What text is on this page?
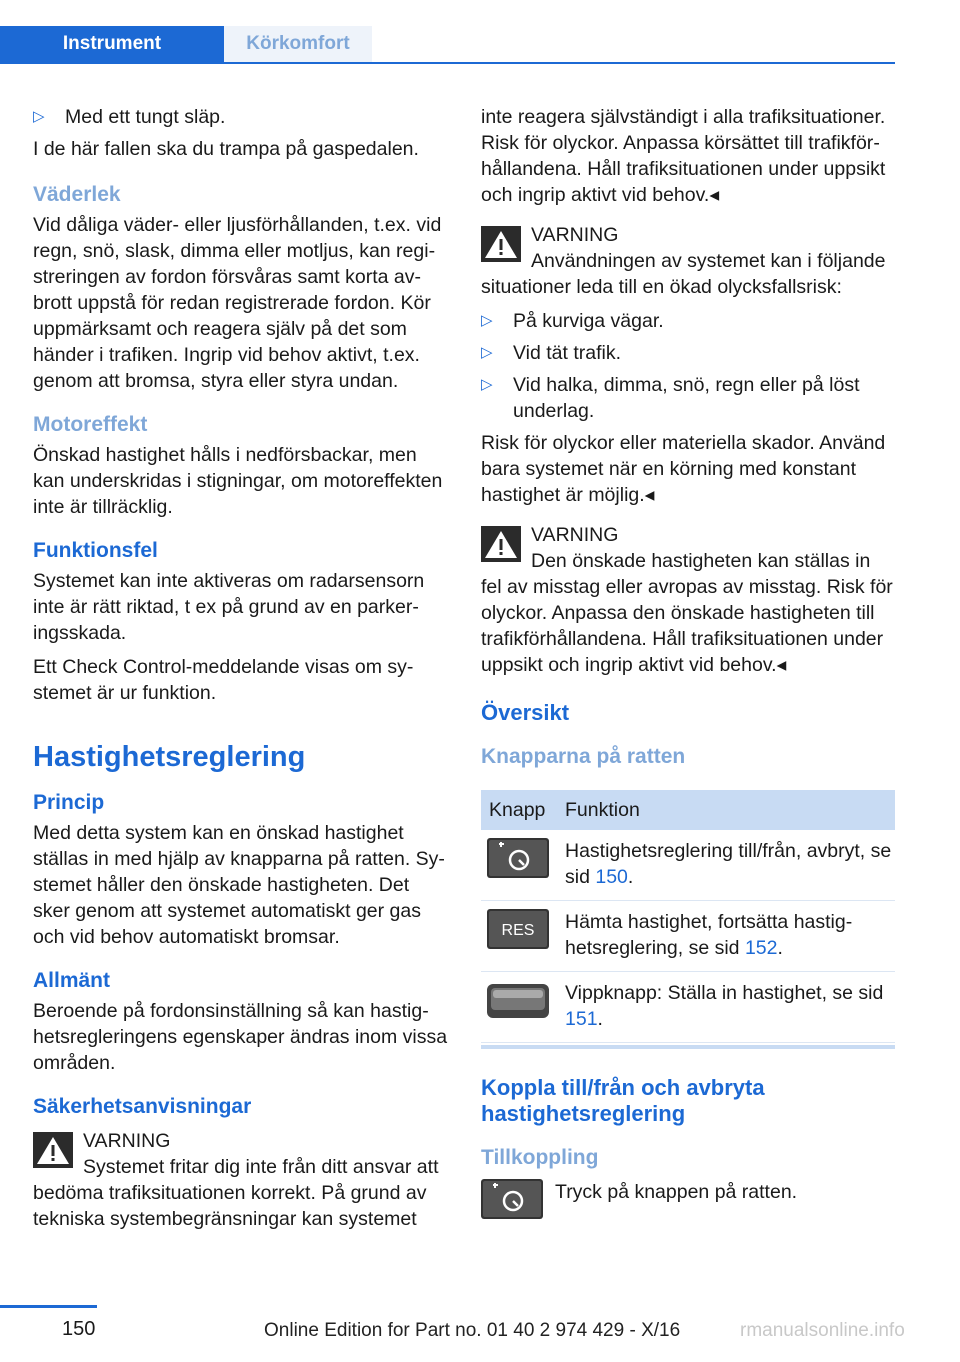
Instrument	Körkomfort
▷ Med ett tungt släp.

I de här fallen ska du trampa på gaspedalen.

Väderlek

Vid dåliga väder- eller ljusförhållanden, t.ex. vid regn, snö, slask, dimma eller motljus, kan registreringen av fordon försvåras samt korta avbrott uppstå för redan registrerade fordon. Kör uppmärksamt och reagera själv på det som händer i trafiken. Ingrip vid behov aktivt, t.ex. genom att bromsa, styra eller styra undan.

Motoreffekt

Önskad hastighet hålls i nedförsbackar, men kan underskridas i stigningar, om motoreffekten inte är tillräcklig.

Funktionsfel

Systemet kan inte aktiveras om radarsensorn inte är rätt riktad, t ex på grund av en parkeringsskada.

Ett Check Control-meddelande visas om systemet är ur funktion.

Hastighetsreglering
Princip

Med detta system kan en önskad hastighet ställas in med hjälp av knapparna på ratten. Systemet håller den önskade hastigheten. Det sker genom att systemet automatiskt ger gas och vid behov automatiskt bromsar.

Allmänt

Beroende på fordonsinställning så kan hastighetsregleringens egenskaper ändras inom vissa områden.

Säkerhetsanvisningar
VARNING
Systemet fritar dig inte från ditt ansvar att bedöma trafiksituationen korrekt. På grund av tekniska systembegränsningar kan systemet

inte reagera självständigt i alla trafiksituationer. Risk för olyckor. Anpassa körsättet till trafikförhållandena. Håll trafiksituationen under uppsikt och ingrip aktivt vid behov.◂

VARNING
Användningen av systemet kan i följande situationer leda till en ökad olycksfallsrisk:
▷ På kurviga vägar.
▷ Vid tät trafik.
▷ Vid halka, dimma, snö, regn eller på löst underlag.

Risk för olyckor eller materiella skador. Använd bara systemet när en körning med konstant hastighet är möjlig.◂

VARNING
Den önskade hastigheten kan ställas in fel av misstag eller avropas av misstag. Risk för olyckor. Anpassa den önskade hastigheten till trafikförhållandena. Håll trafiksituationen under uppsikt och ingrip aktivt vid behov.◂
Översikt
Knapparna på ratten
Knapp	Funktion
	Hastighetsreglering till/från, avbryt, se sid 150.

RES	Hämta hastighet, fortsätta hastighetsreglering, se sid 152.
	Vippknapp: Ställa in hastighet, se sid 151.
Koppla till/från och avbryta hastighetsreglering
Tillkoppling
Tryck på knappen på ratten.
150	Online Edition for Part no. 01 40 2 974 429 - X/16	rmanualsonline.info
